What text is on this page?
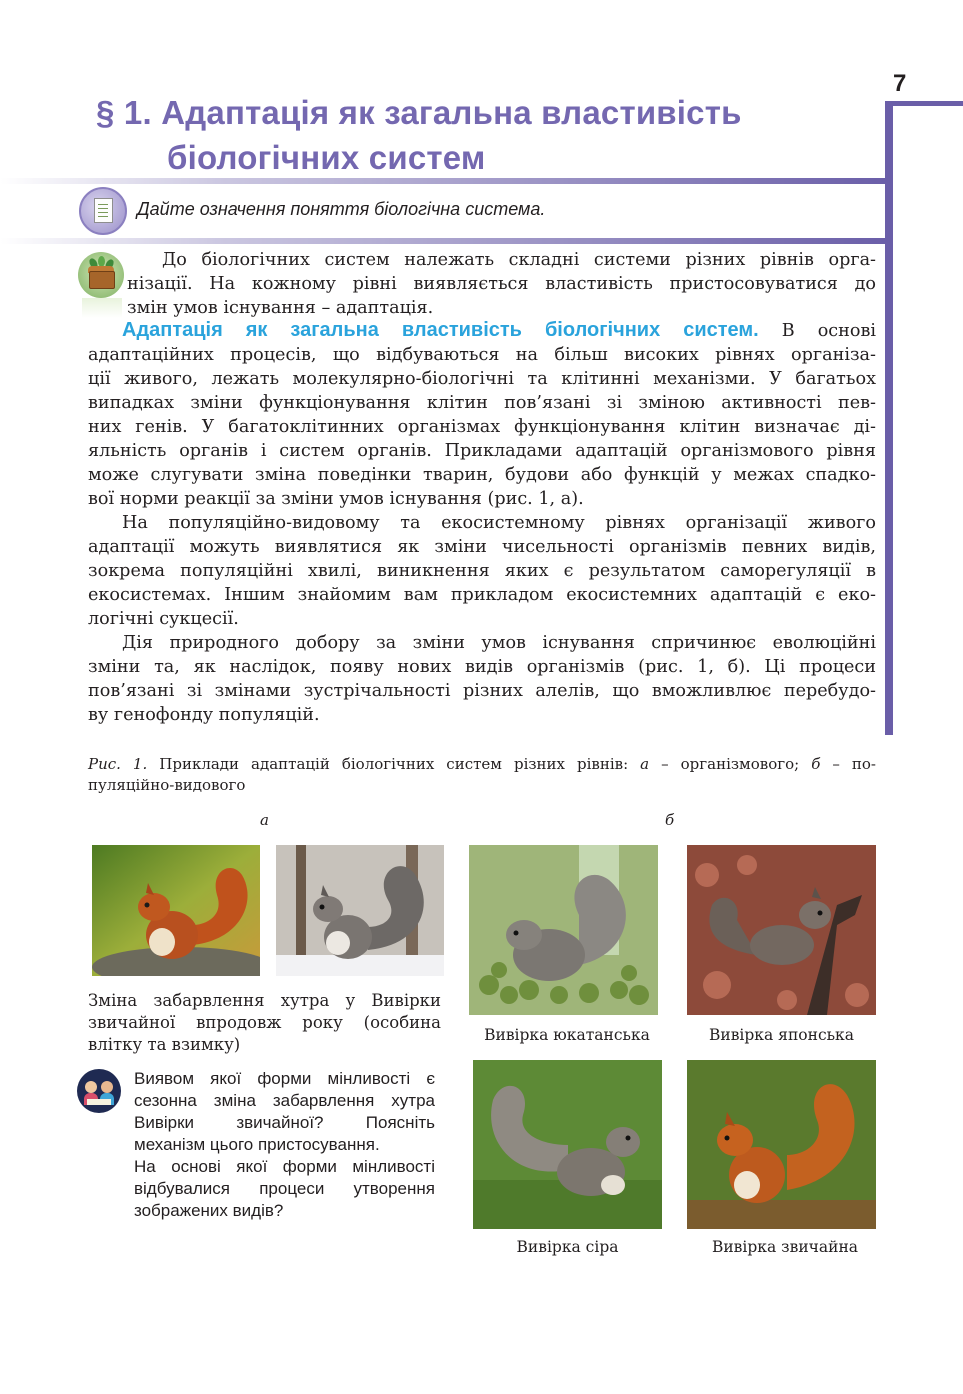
7
§ 1. Адаптація як загальна властивість
біологічних систем
Дайте означення поняття біологічна система.
До біологічних систем належать складні системи різних рівнів орга-
нізації. На кожному рівні виявляється властивість пристосовуватися до
змін умов існування – адаптація.
Адаптація як загальна властивість біологічних систем. В основі
адаптаційних процесів, що відбуваються на більш високих рівнях організа-
ції живого, лежать молекулярно-біологічні та клітинні механізми. У багатьох
випадках зміни функціонування клітин пов’язані зі зміною активності пев-
них генів. У багатоклітинних організмах функціонування клітин визначає ді-
яльність органів і систем органів. Прикладами адаптацій організмового рівня
може слугувати зміна поведінки тварин, будови або функцій у межах спадко-
вої норми реакції за зміни умов існування (рис. 1, а).
На популяційно-видовому та екосистемному рівнях організації живого
адаптації можуть виявлятися як зміни чисельності організмів певних видів,
зокрема популяційні хвилі, виникнення яких є результатом саморегуляції в
екосистемах. Іншим знайомим вам прикладом екосистемних адаптацій є еко-
логічні сукцесії.
Дія природного добору за зміни умов існування спричинює еволюційні
зміни та, як наслідок, появу нових видів організмів (рис. 1, б). Ці процеси
пов’язані зі змінами зустрічальності різних алелів, що вможливлює перебудо-
ву генофонду популяцій.
Рис. 1. Приклади адаптацій біологічних систем різних рівнів: а – організмового; б – по-
пуляційно-видового
а	б
Вивірка юкатанська	Вивірка японська
Вивірка сіра	Вивірка звичайна
Зміна забарвлення хутра у Вивірки звичайної впродовж року (особина влітку та взимку)
Виявом якої форми мінливості є сезонна зміна забарвлення хутра Вивірки звичайної? Поясніть механізм цього пристосування.
На основі якої форми мінливості відбувалися процеси утворення зображених видів?
